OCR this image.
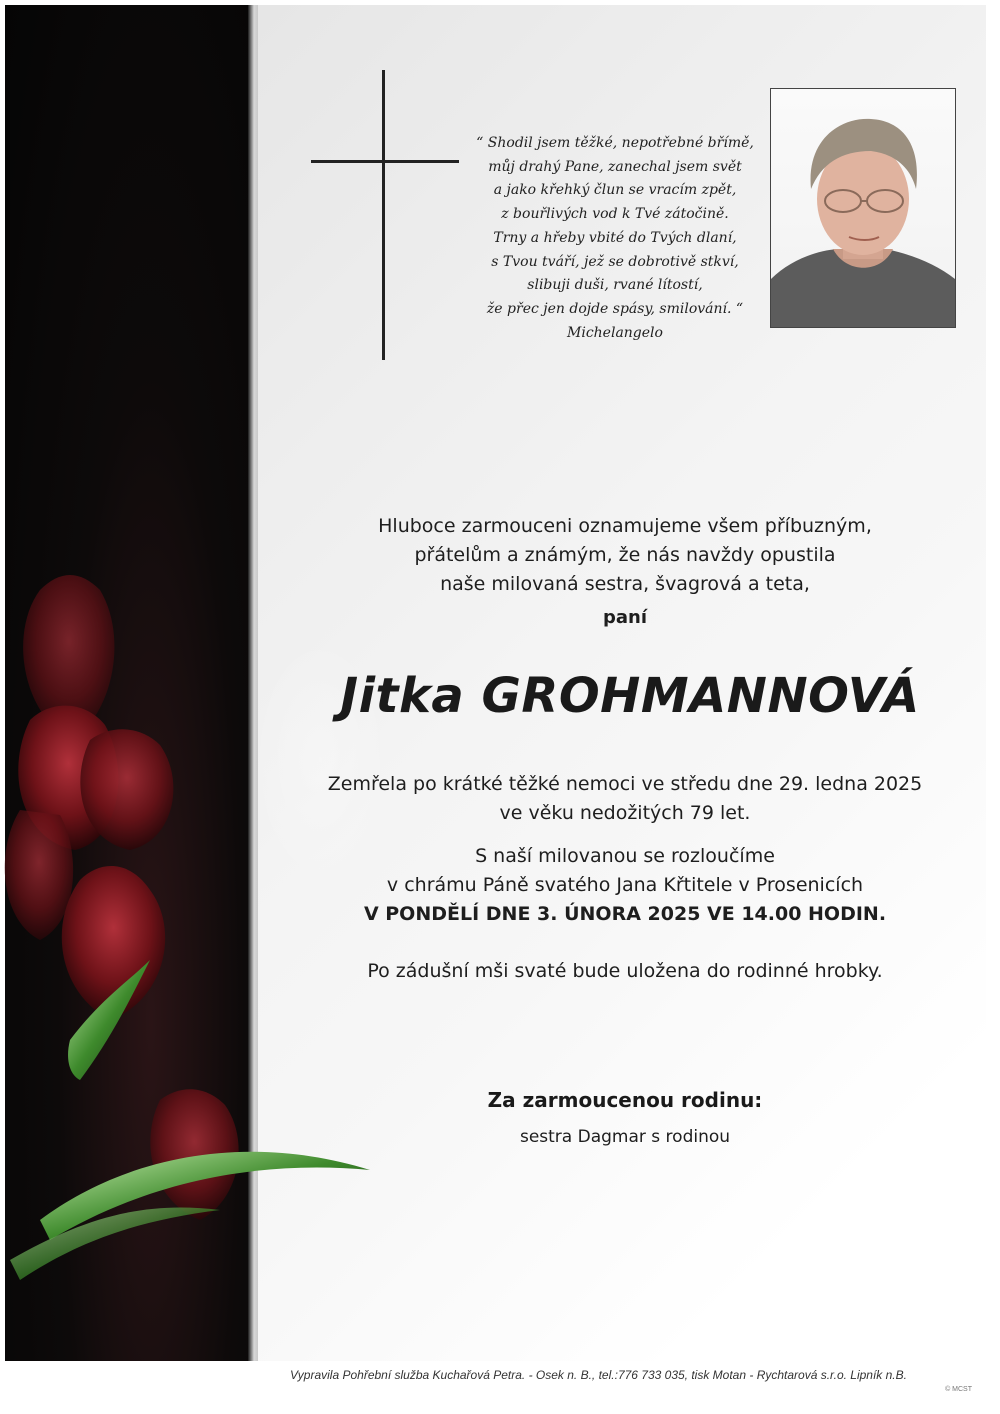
“ Shodil jsem těžké, nepotřebné břímě,
můj drahý Pane, zanechal jsem svět
a jako křehký člun se vracím zpět,
z bouřlivých vod k Tvé zátočině.
Trny a hřeby vbité do Tvých dlaní,
s Tvou tváří, jež se dobrotivě stkví,
slibuji duši, rvané lítostí,
že přec jen dojde spásy, smilování. “
Michelangelo

Hluboce zarmouceni oznamujeme všem příbuzným,
přátelům a známým, že nás navždy opustila
naše milovaná sestra, švagrová a teta,

paní

Jitka GROHMANNOVÁ

Zemřela po krátké těžké nemoci ve středu dne 29. ledna 2025
ve věku nedožitých 79 let.

S naší milovanou se rozloučíme
v chrámu Páně svatého Jana Křtitele v Prosenicích
V PONDĚLÍ DNE 3. ÚNORA 2025 VE 14.00 HODIN.

Po zádušní mši svaté bude uložena do rodinné hrobky.

Za zarmoucenou rodinu:

sestra Dagmar s rodinou

Vypravila Pohřební služba Kuchařová Petra. - Osek n. B., tel.:776 733 035, tisk Motan - Rychtarová s.r.o. Lipník n.B.

© MCST
